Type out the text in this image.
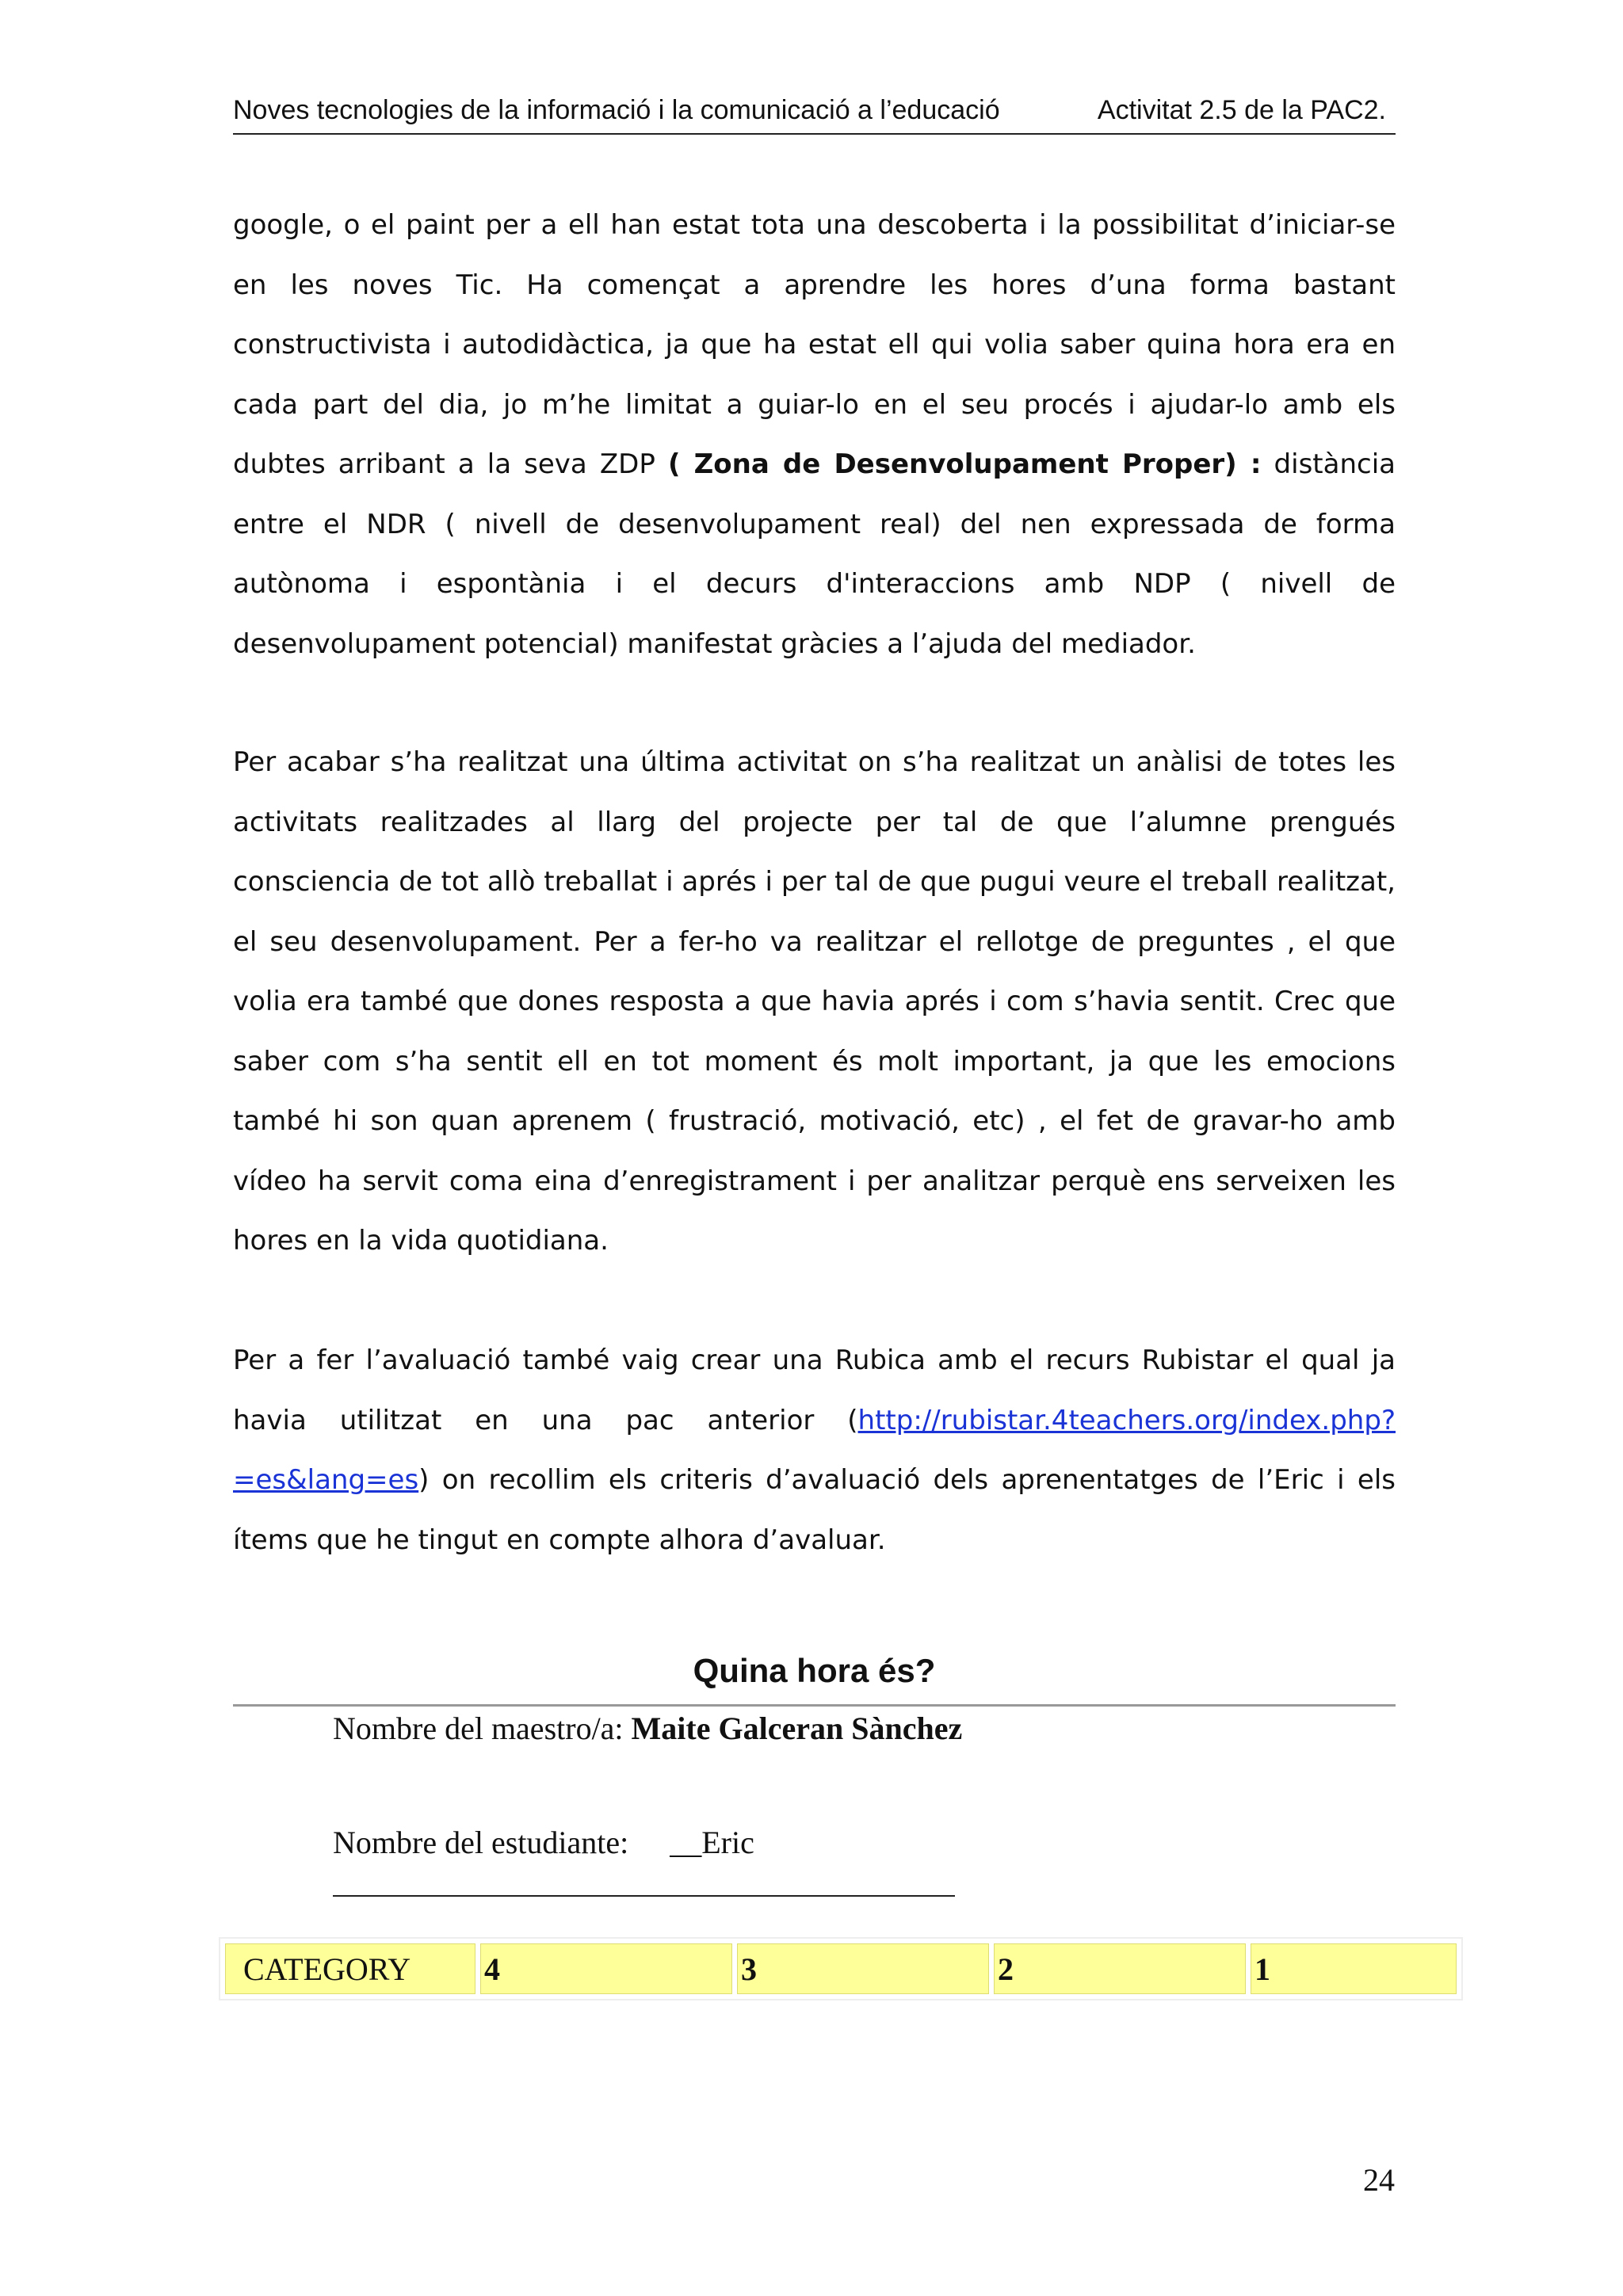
Noves tecnologies de la informació i la comunicació a l’educació	Activitat 2.5 de la PAC2.
google, o el paint per a ell han estat tota una descoberta i la possibilitat d’iniciar-se en les noves Tic. Ha començat a aprendre les hores d’una forma bastant constructivista i autodidàctica, ja que ha estat ell qui volia saber quina hora era en cada part del dia, jo m’he limitat a guiar-lo en el seu procés i ajudar-lo amb els dubtes arribant a la seva ZDP ( Zona de Desenvolupament Proper) : distància entre el NDR ( nivell de desenvolupament real) del nen expressada de forma autònoma i espontània i el decurs d'interaccions amb NDP ( nivell de desenvolupament potencial) manifestat gràcies a l’ajuda del mediador.
Per acabar s’ha realitzat una última activitat on s’ha realitzat un anàlisi de totes les activitats realitzades al llarg del projecte per tal de que l’alumne prengués consciencia de tot allò treballat i aprés i per tal de que pugui veure el treball realitzat, el seu desenvolupament. Per a fer-ho va realitzar el rellotge de preguntes , el que volia era també que dones resposta a que havia aprés i com s’havia sentit. Crec que saber com s’ha sentit ell en tot moment és molt important, ja que les emocions també hi son quan aprenem ( frustració, motivació, etc) , el fet de gravar-ho amb vídeo ha servit coma eina d’enregistrament i per analitzar perquè ens serveixen les hores en la vida quotidiana.
Per a fer l’avaluació també vaig crear una Rubica amb el recurs Rubistar el qual ja havia utilitzat en una pac anterior (http://rubistar.4teachers.org/index.php?=es&lang=es) on recollim els criteris d’avaluació dels aprenentatges de l’Eric i els ítems que he tingut en compte alhora d’avaluar.
Quina hora és?
Nombre del maestro/a: Maite Galceran Sànchez
Nombre del estudiante: __Eric
CATEGORY	4	3	2	1
24
